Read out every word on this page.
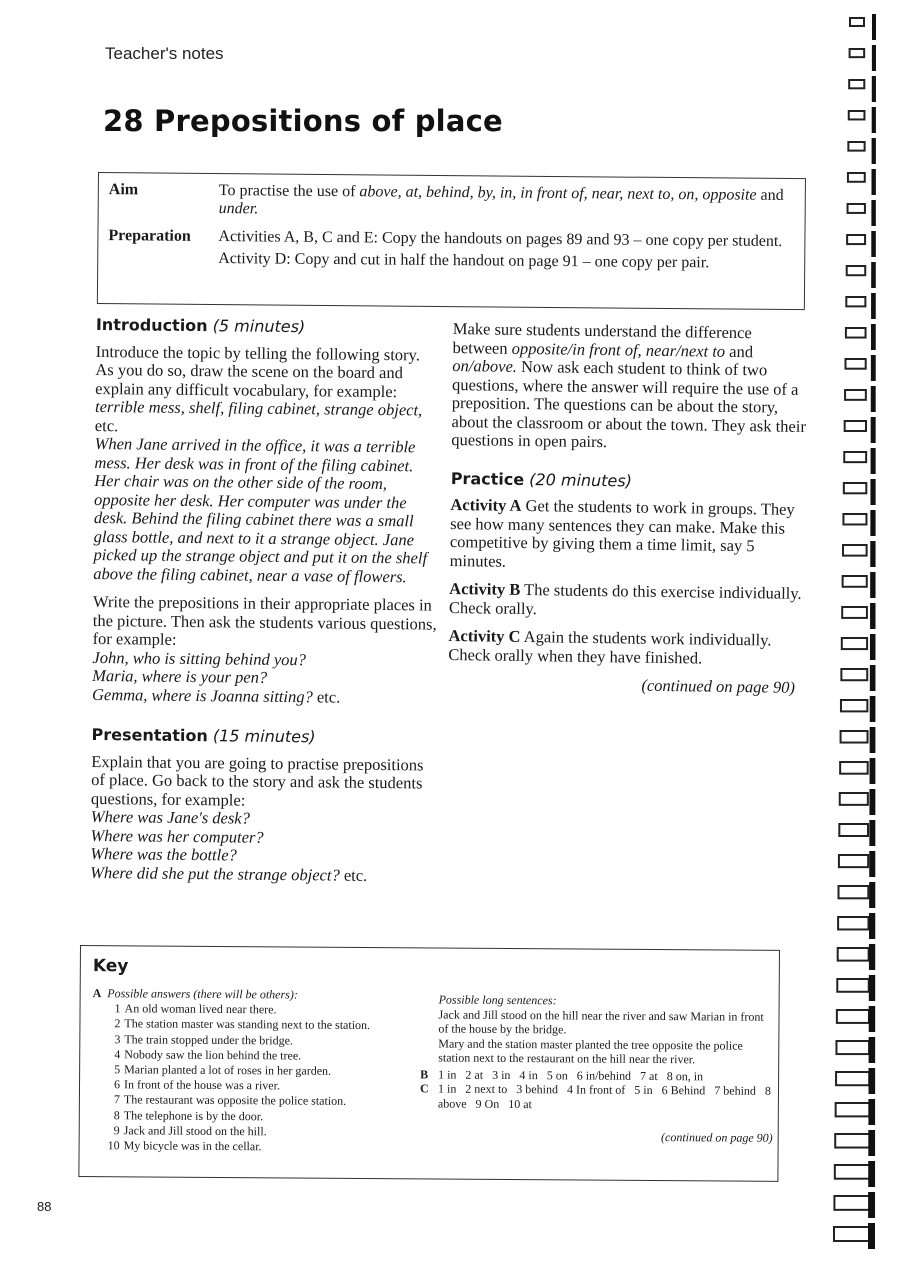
Teacher's notes
28 Prepositions of place
Aim	To practise the use of above, at, behind, by, in, in front of, near, next to, on, opposite and under.
Preparation	Activities A, B, C and E: Copy the handouts on pages 89 and 93 – one copy per student.
Activity D: Copy and cut in half the handout on page 91 – one copy per pair.
Introduction (5 minutes)
Introduce the topic by telling the following story. As you do so, draw the scene on the board and explain any difficult vocabulary, for example: terrible mess, shelf, filing cabinet, strange object, etc.
When Jane arrived in the office, it was a terrible mess. Her desk was in front of the filing cabinet. Her chair was on the other side of the room, opposite her desk. Her computer was under the desk. Behind the filing cabinet there was a small glass bottle, and next to it a strange object. Jane picked up the strange object and put it on the shelf above the filing cabinet, near a vase of flowers.
Write the prepositions in their appropriate places in the picture. Then ask the students various questions, for example:
John, who is sitting behind you?
Maria, where is your pen?
Gemma, where is Joanna sitting? etc.
Presentation (15 minutes)
Explain that you are going to practise prepositions of place. Go back to the story and ask the students questions, for example:
Where was Jane's desk?
Where was her computer?
Where was the bottle?
Where did she put the strange object? etc.
Make sure students understand the difference between opposite/in front of, near/next to and on/above. Now ask each student to think of two questions, where the answer will require the use of a preposition. The questions can be about the story, about the classroom or about the town. They ask their questions in open pairs.
Practice (20 minutes)
Activity A Get the students to work in groups. They see how many sentences they can make. Make this competitive by giving them a time limit, say 5 minutes.
Activity B The students do this exercise individually. Check orally.
Activity C Again the students work individually. Check orally when they have finished.
(continued on page 90)
Key
A Possible answers (there will be others):
1 An old woman lived near there.
2 The station master was standing next to the station.
3 The train stopped under the bridge.
4 Nobody saw the lion behind the tree.
5 Marian planted a lot of roses in her garden.
6 In front of the house was a river.
7 The restaurant was opposite the police station.
8 The telephone is by the door.
9 Jack and Jill stood on the hill.
10 My bicycle was in the cellar.
Possible long sentences:
Jack and Jill stood on the hill near the river and saw Marian in front of the house by the bridge.
Mary and the station master planted the tree opposite the police station next to the restaurant on the hill near the river.
B 1 in   2 at   3 in   4 in   5 on   6 in/behind   7 at   8 on, in
C 1 in   2 next to   3 behind   4 In front of   5 in   6 Behind   7 behind   8 above   9 On   10 at
(continued on page 90)
88
